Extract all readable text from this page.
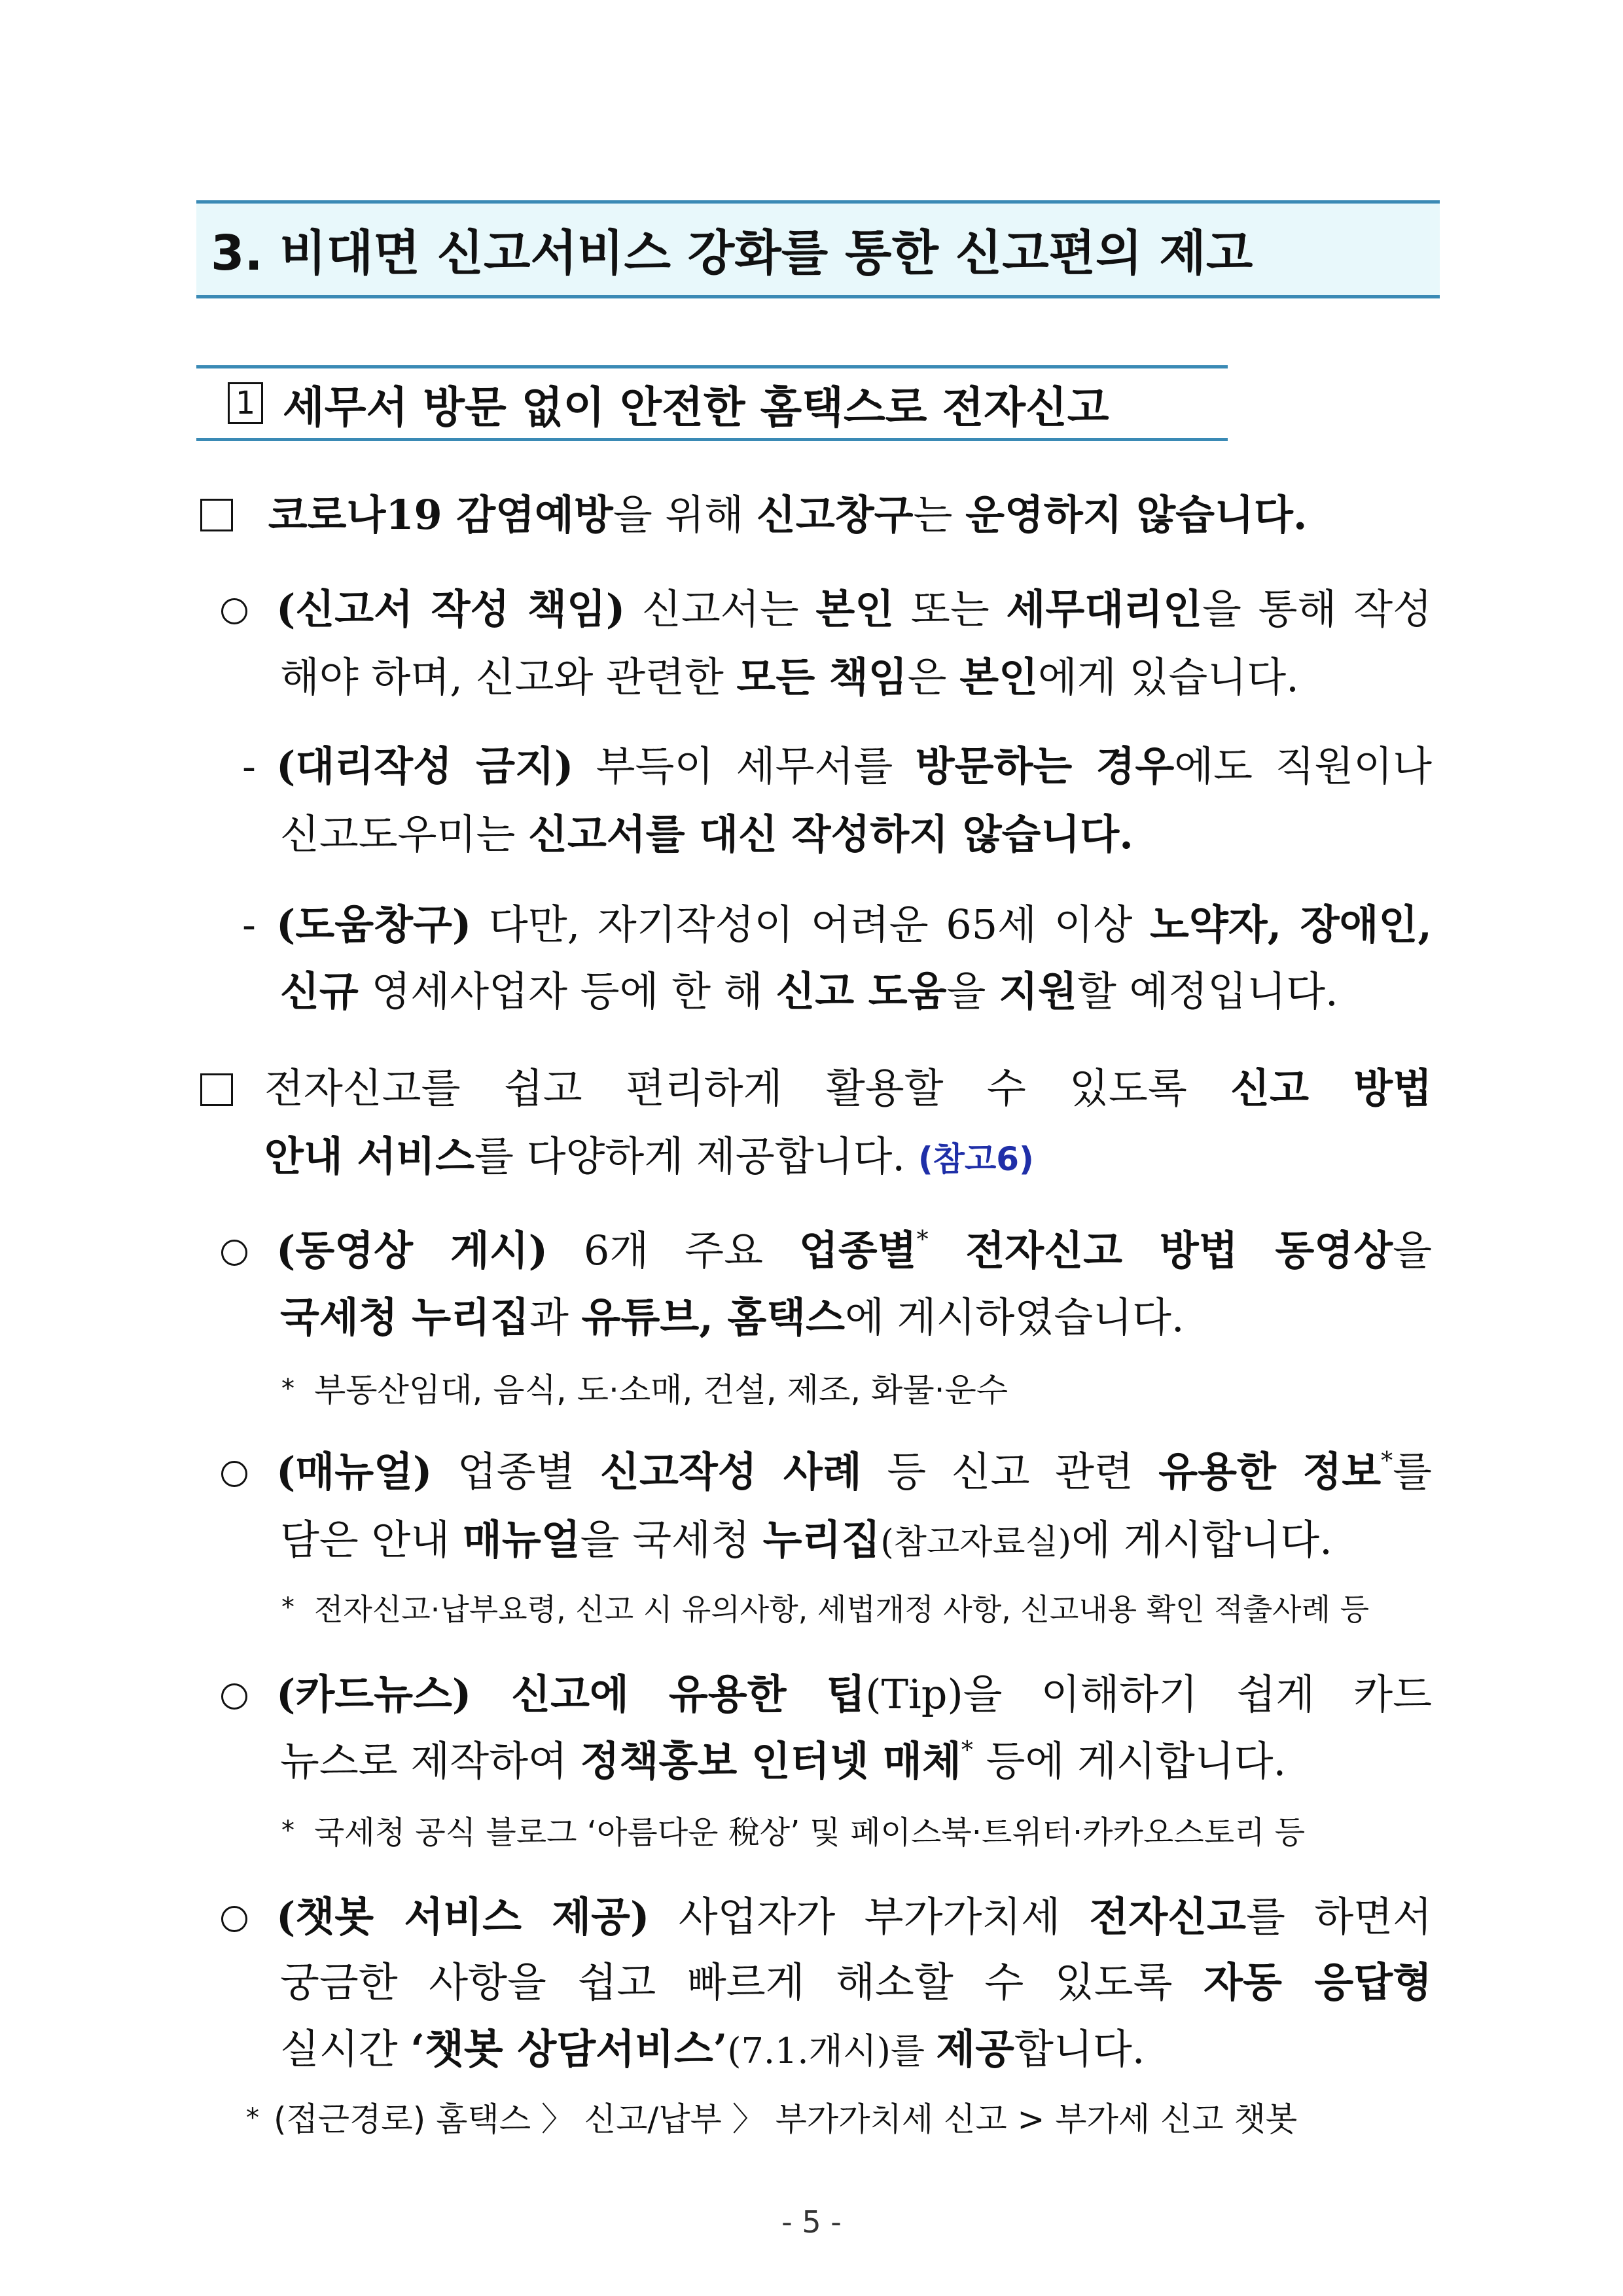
3. 비대면 신고서비스 강화를 통한 신고편의 제고
1 세무서 방문 없이 안전한 홈택스로 전자신고
코로나19 감염예방을 위해 신고창구는 운영하지 않습니다.
(신고서 작성 책임) 신고서는 본인 또는 세무대리인을 통해 작성
해야 하며, 신고와 관련한 모든 책임은 본인에게 있습니다.
- (대리작성 금지) 부득이 세무서를 방문하는 경우에도 직원이나
신고도우미는 신고서를 대신 작성하지 않습니다.
- (도움창구) 다만, 자기작성이 어려운 65세 이상 노약자, 장애인,
신규 영세사업자 등에 한 해 신고 도움을 지원할 예정입니다.
전자신고를 쉽고 편리하게 활용할 수 있도록 신고 방법
안내 서비스를 다양하게 제공합니다. (참고6)
(동영상 게시) 6개 주요 업종별* 전자신고 방법 동영상을
국세청 누리집과 유튜브, 홈택스에 게시하였습니다.
* 부동산임대, 음식, 도·소매, 건설, 제조, 화물·운수
(매뉴얼) 업종별 신고작성 사례 등 신고 관련 유용한 정보*를
담은 안내 매뉴얼을 국세청 누리집(참고자료실)에 게시합니다.
* 전자신고·납부요령, 신고 시 유의사항, 세법개정 사항, 신고내용 확인 적출사례 등
(카드뉴스) 신고에 유용한 팁(Tip)을 이해하기 쉽게 카드
뉴스로 제작하여 정책홍보 인터넷 매체* 등에 게시합니다.
* 국세청 공식 블로그 ‘아름다운 稅상’ 및 페이스북·트위터·카카오스토리 등
(챗봇 서비스 제공) 사업자가 부가가치세 전자신고를 하면서
궁금한 사항을 쉽고 빠르게 해소할 수 있도록 자동 응답형
실시간 ‘챗봇 상담서비스’(7.1.개시)를 제공합니다.
* (접근경로) 홈택스 〉 신고/납부 〉 부가가치세 신고 > 부가세 신고 챗봇
- 5 -
